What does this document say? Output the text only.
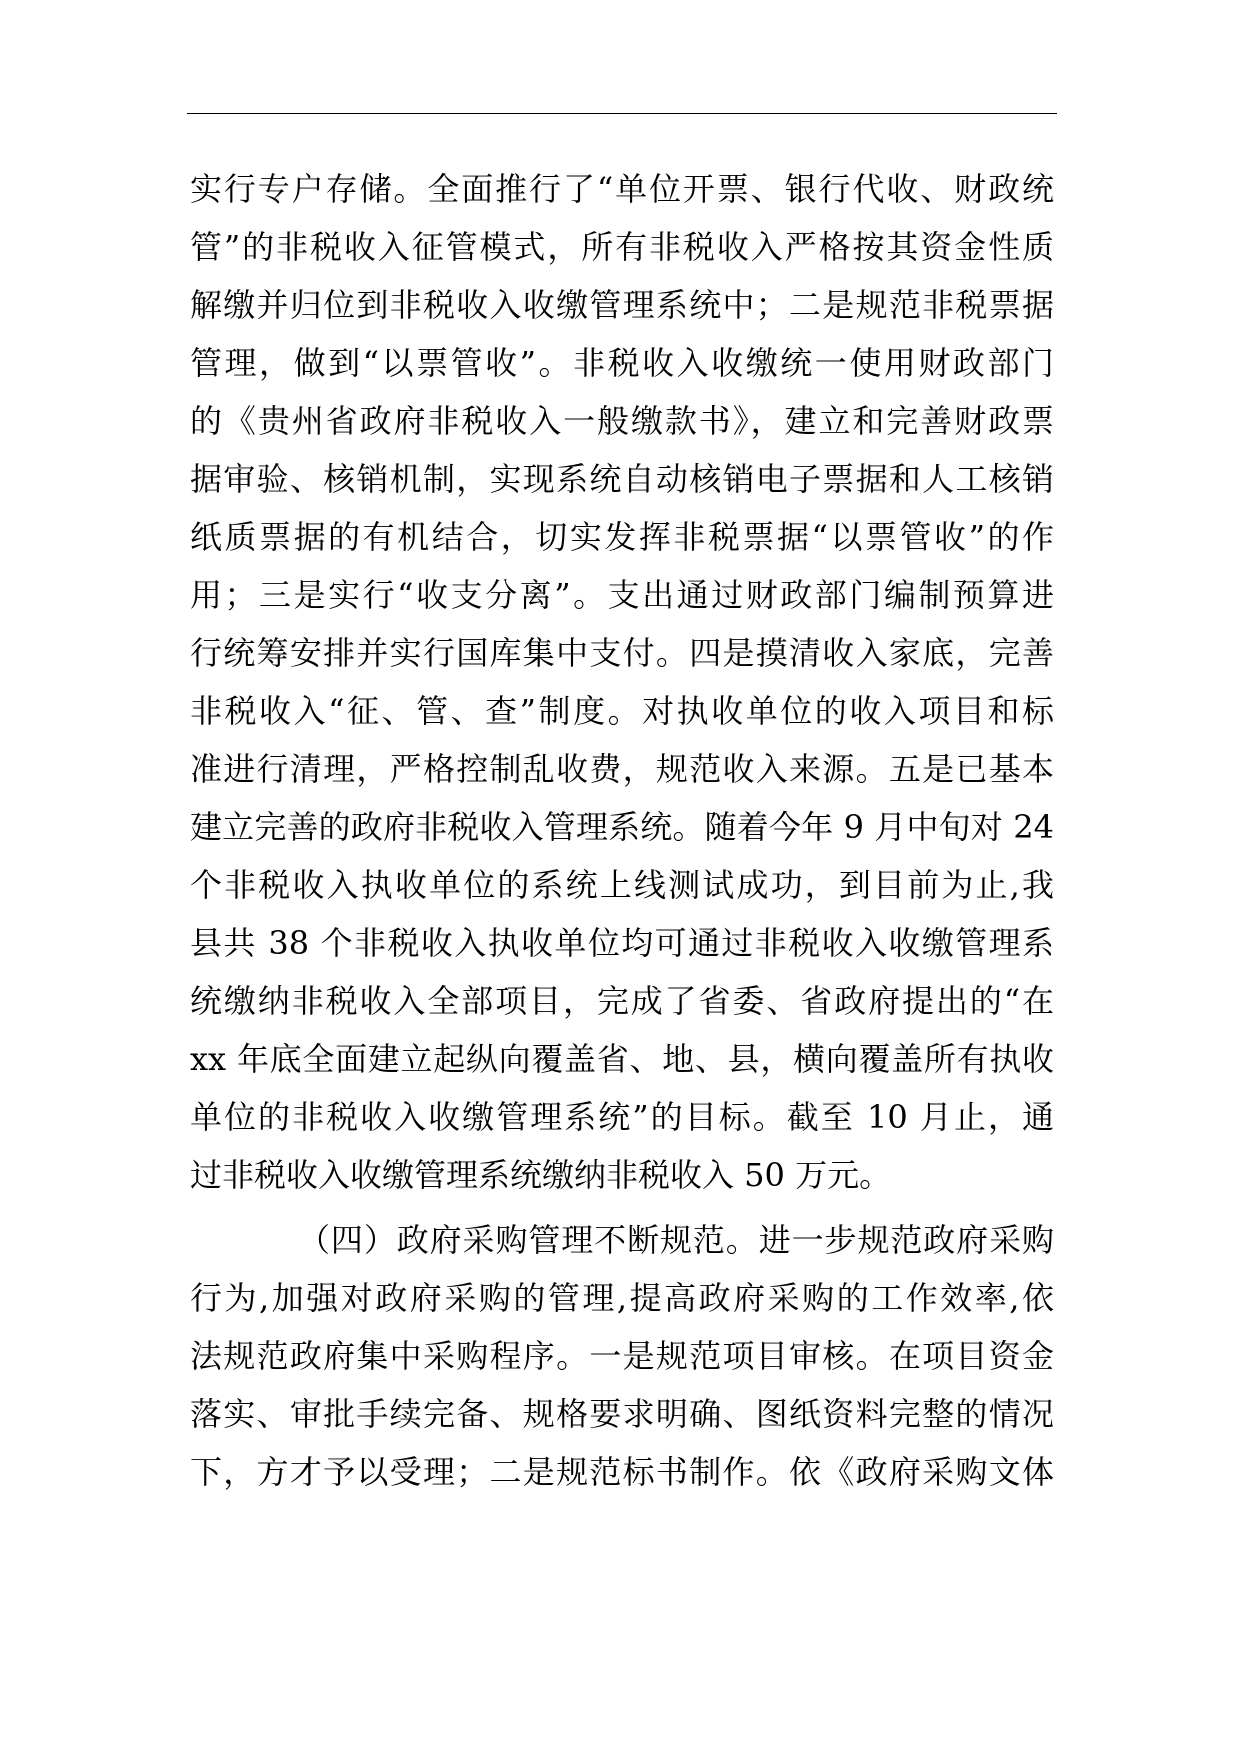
实行专户存储。全面推行了“单位开票、银行代收、财政统
管”的非税收入征管模式，所有非税收入严格按其资金性质
解缴并归位到非税收入收缴管理系统中；二是规范非税票据
管理，做到“以票管收”。非税收入收缴统一使用财政部门
的《贵州省政府非税收入一般缴款书》，建立和完善财政票
据审验、核销机制，实现系统自动核销电子票据和人工核销
纸质票据的有机结合，切实发挥非税票据“以票管收”的作
用；三是实行“收支分离”。支出通过财政部门编制预算进
行统筹安排并实行国库集中支付。四是摸清收入家底，完善
非税收入“征、管、查”制度。对执收单位的收入项目和标
准进行清理，严格控制乱收费，规范收入来源。五是已基本
建立完善的政府非税收入管理系统。随着今年 9 月中旬对 24
个非税收入执收单位的系统上线测试成功，到目前为止,我
县共 38 个非税收入执收单位均可通过非税收入收缴管理系
统缴纳非税收入全部项目，完成了省委、省政府提出的“在
xx 年底全面建立起纵向覆盖省、地、县，横向覆盖所有执收
单位的非税收入收缴管理系统”的目标。截至 10 月止，通
过非税收入收缴管理系统缴纳非税收入 50 万元。
（四）政府采购管理不断规范。进一步规范政府采购
行为,加强对政府采购的管理,提高政府采购的工作效率,依
法规范政府集中采购程序。一是规范项目审核。在项目资金
落实、审批手续完备、规格要求明确、图纸资料完整的情况
下，方才予以受理；二是规范标书制作。依《政府采购文体
